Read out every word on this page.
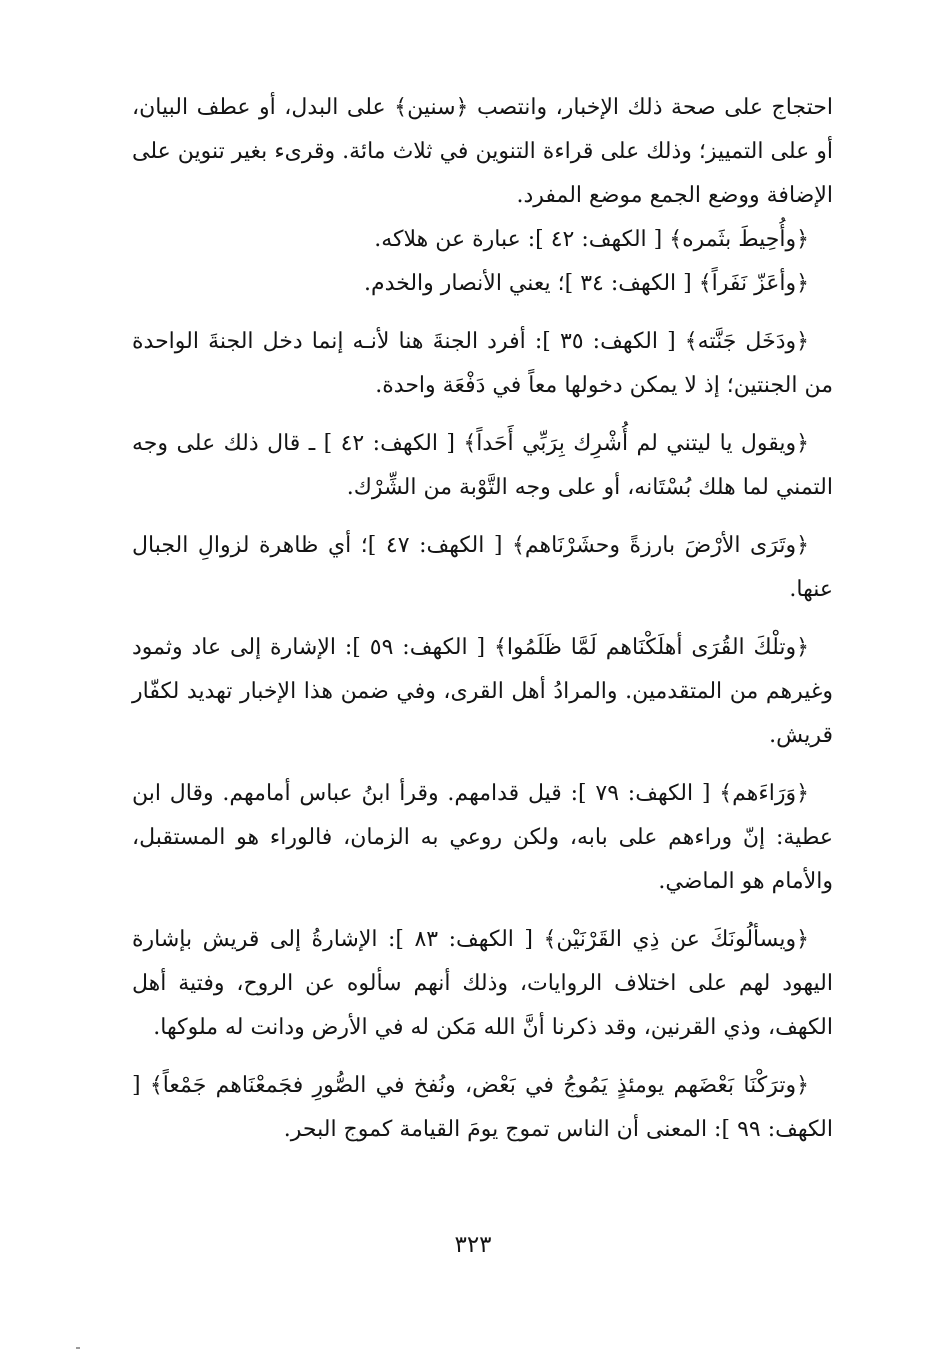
احتجاج على صحة ذلك الإخبار، وانتصب ﴿سنين﴾ على البدل، أو عطف البيان، أو على التمييز؛ وذلك على قراءة التنوين في ثلاث مائة. وقرىء بغير تنوين على الإضافة ووضع الجمع موضع المفرد.

﴿وأُحِيطَ بثَمره﴾ [ الكهف: ٤٢ ]: عبارة عن هلاكه.

﴿وأعَزّ نَفَراً﴾ [ الكهف: ٣٤ ]؛ يعني الأنصار والخدم.

﴿ودَخَل جَنَّته﴾ [ الكهف: ٣٥ ]: أفرد الجنةَ هنا لأنـه إنما دخل الجنةَ الواحدة من الجنتين؛ إذ لا يمكن دخولها معاً في دَفْعَة واحدة.

﴿ويقول يا ليتني لم أُشْرِك بِرَبِّي أَحَداً﴾ [ الكهف: ٤٢ ] ـ قال ذلك على وجه التمني لما هلك بُسْتَانه، أو على وجه التَّوْبة من الشِّرْك.

﴿وتَرَى الأرْضَ بارزةً وحشَرْنَاهم﴾ [ الكهف: ٤٧ ]؛ أي ظاهرة لزوالِ الجبال عنها.

﴿وتلْكَ القُرَى أهلَكْنَاهم لَمَّا ظَلَمُوا﴾ [ الكهف: ٥٩ ]: الإشارة إلى عاد وثمود وغيرهم من المتقدمين. والمرادُ أهل القرى، وفي ضمن هذا الإخبار تهديد لكفّار قريش.

﴿وَرَاءَهم﴾ [ الكهف: ٧٩ ]: قيل قدامهم. وقرأ ابنُ عباس أمامهم. وقال ابن عطية: إنّ وراءهم على بابه، ولكن روعي به الزمان، فالوراء هو المستقبل، والأمام هو الماضي.

﴿ويسألُونَكَ عن ذِي القَرْنَيْن﴾ [ الكهف: ٨٣ ]: الإشارةُ إلى قريش بإشارة اليهود لهم على اختلاف الروايات، وذلك أنهم سألوه عن الروح، وفتية أهل الكهف، وذي القرنين، وقد ذكرنا أنَّ الله مَكن له في الأرض ودانت له ملوكها.

﴿وترَكْنَا بَعْضَهم يومئذٍ يَمُوجُ في بَعْض، ونُفخ في الصُّورِ فجَمعْنَاهم جَمْعاً﴾ [ الكهف: ٩٩ ]: المعنى أن الناس تموج يومَ القيامة كموج البحر.

٣٢٣
